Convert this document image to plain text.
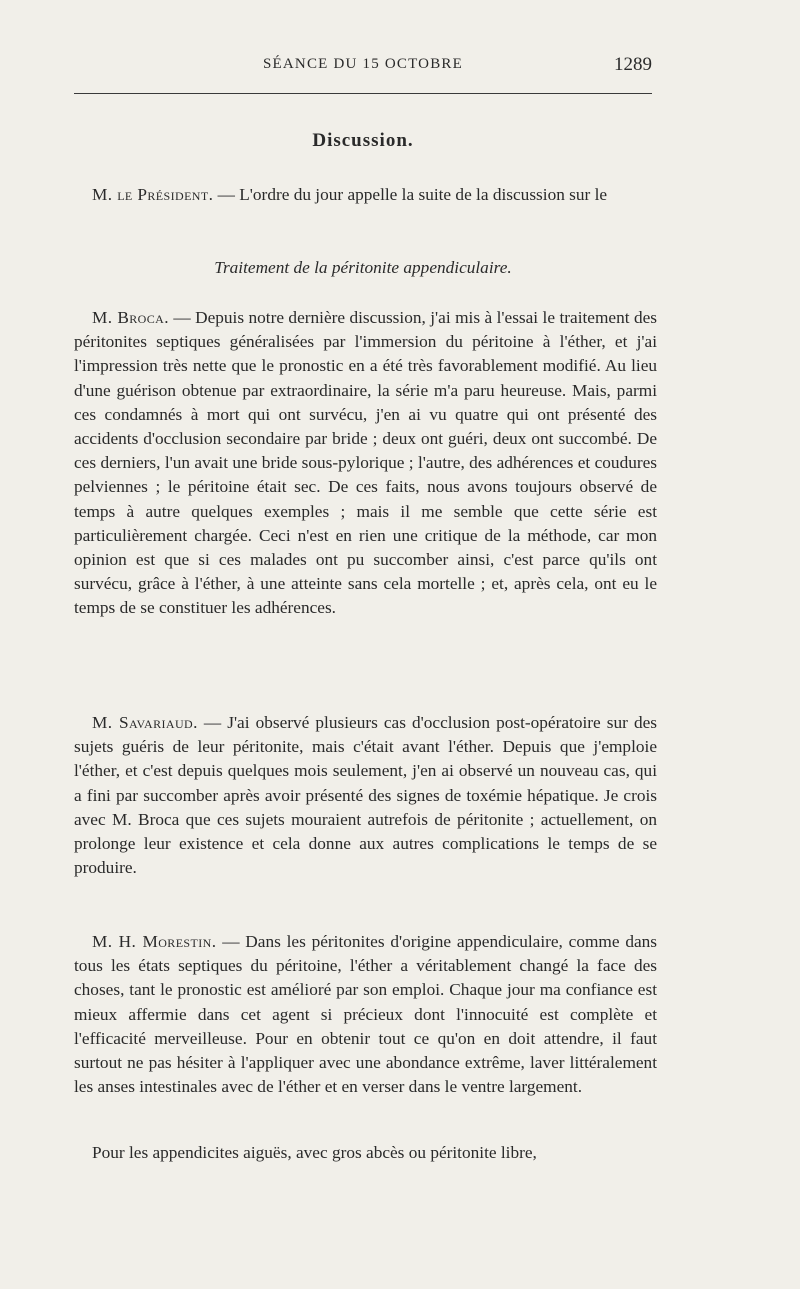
SÉANCE DU 15 OCTOBRE	1289
Discussion.

M. le Président. — L'ordre du jour appelle la suite de la discussion sur le

Traitement de la péritonite appendiculaire.

M. Broca. — Depuis notre dernière discussion, j'ai mis à l'essai le traitement des péritonites septiques généralisées par l'immersion du péritoine à l'éther, et j'ai l'impression très nette que le pronostic en a été très favorablement modifié. Au lieu d'une guérison obtenue par extraordinaire, la série m'a paru heureuse. Mais, parmi ces condamnés à mort qui ont survécu, j'en ai vu quatre qui ont présenté des accidents d'occlusion secondaire par bride ; deux ont guéri, deux ont succombé. De ces derniers, l'un avait une bride sous-pylorique ; l'autre, des adhérences et coudures pelviennes ; le péritoine était sec. De ces faits, nous avons toujours observé de temps à autre quelques exemples ; mais il me semble que cette série est particulièrement chargée. Ceci n'est en rien une critique de la méthode, car mon opinion est que si ces malades ont pu succomber ainsi, c'est parce qu'ils ont survécu, grâce à l'éther, à une atteinte sans cela mortelle ; et, après cela, ont eu le temps de se constituer les adhérences.

M. Savariaud. — J'ai observé plusieurs cas d'occlusion post-opératoire sur des sujets guéris de leur péritonite, mais c'était avant l'éther. Depuis que j'emploie l'éther, et c'est depuis quelques mois seulement, j'en ai observé un nouveau cas, qui a fini par succomber après avoir présenté des signes de toxémie hépatique. Je crois avec M. Broca que ces sujets mouraient autrefois de péritonite ; actuellement, on prolonge leur existence et cela donne aux autres complications le temps de se produire.

M. H. Morestin. — Dans les péritonites d'origine appendiculaire, comme dans tous les états septiques du péritoine, l'éther a véritablement changé la face des choses, tant le pronostic est amélioré par son emploi. Chaque jour ma confiance est mieux affermie dans cet agent si précieux dont l'innocuité est complète et l'efficacité merveilleuse. Pour en obtenir tout ce qu'on en doit attendre, il faut surtout ne pas hésiter à l'appliquer avec une abondance extrême, laver littéralement les anses intestinales avec de l'éther et en verser dans le ventre largement.

Pour les appendicites aiguës, avec gros abcès ou péritonite libre,
